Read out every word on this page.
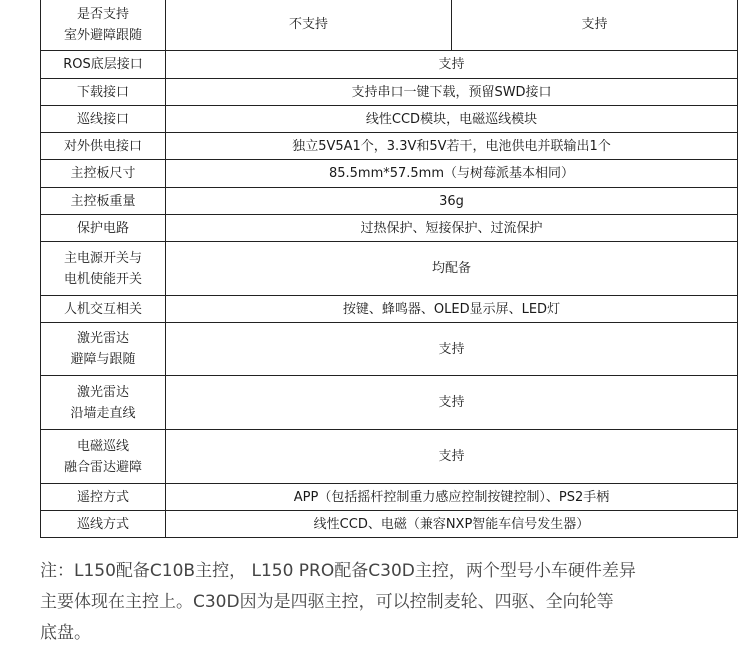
是否支持
室外避障跟随	不支持	支持

ROS底层接口	支持	

下载接口	支持串口一键下载，预留SWD接口	

巡线接口	线性CCD模块，电磁巡线模块	

对外供电接口	独立5V5A1个，3.3V和5V若干，电池供电并联输出1个	

主控板尺寸	85.5mm*57.5mm（与树莓派基本相同）	

主控板重量	36g	

保护电路	过热保护、短接保护、过流保护	

主电源开关与
电机使能开关	均配备	

人机交互相关	按键、蜂鸣器、OLED显示屏、LED灯	

激光雷达
避障与跟随	支持	

激光雷达
沿墙走直线	支持	

电磁巡线
融合雷达避障	支持	

遥控方式	APP（包括摇杆控制重力感应控制按键控制）、PS2手柄	

巡线方式	线性CCD、电磁（兼容NXP智能车信号发生器）	

注：L150配备C10B主控， L150 PRO配备C30D主控，两个型号小车硬件差异

主要体现在主控上。C30D因为是四驱主控，可以控制麦轮、四驱、全向轮等

底盘。
